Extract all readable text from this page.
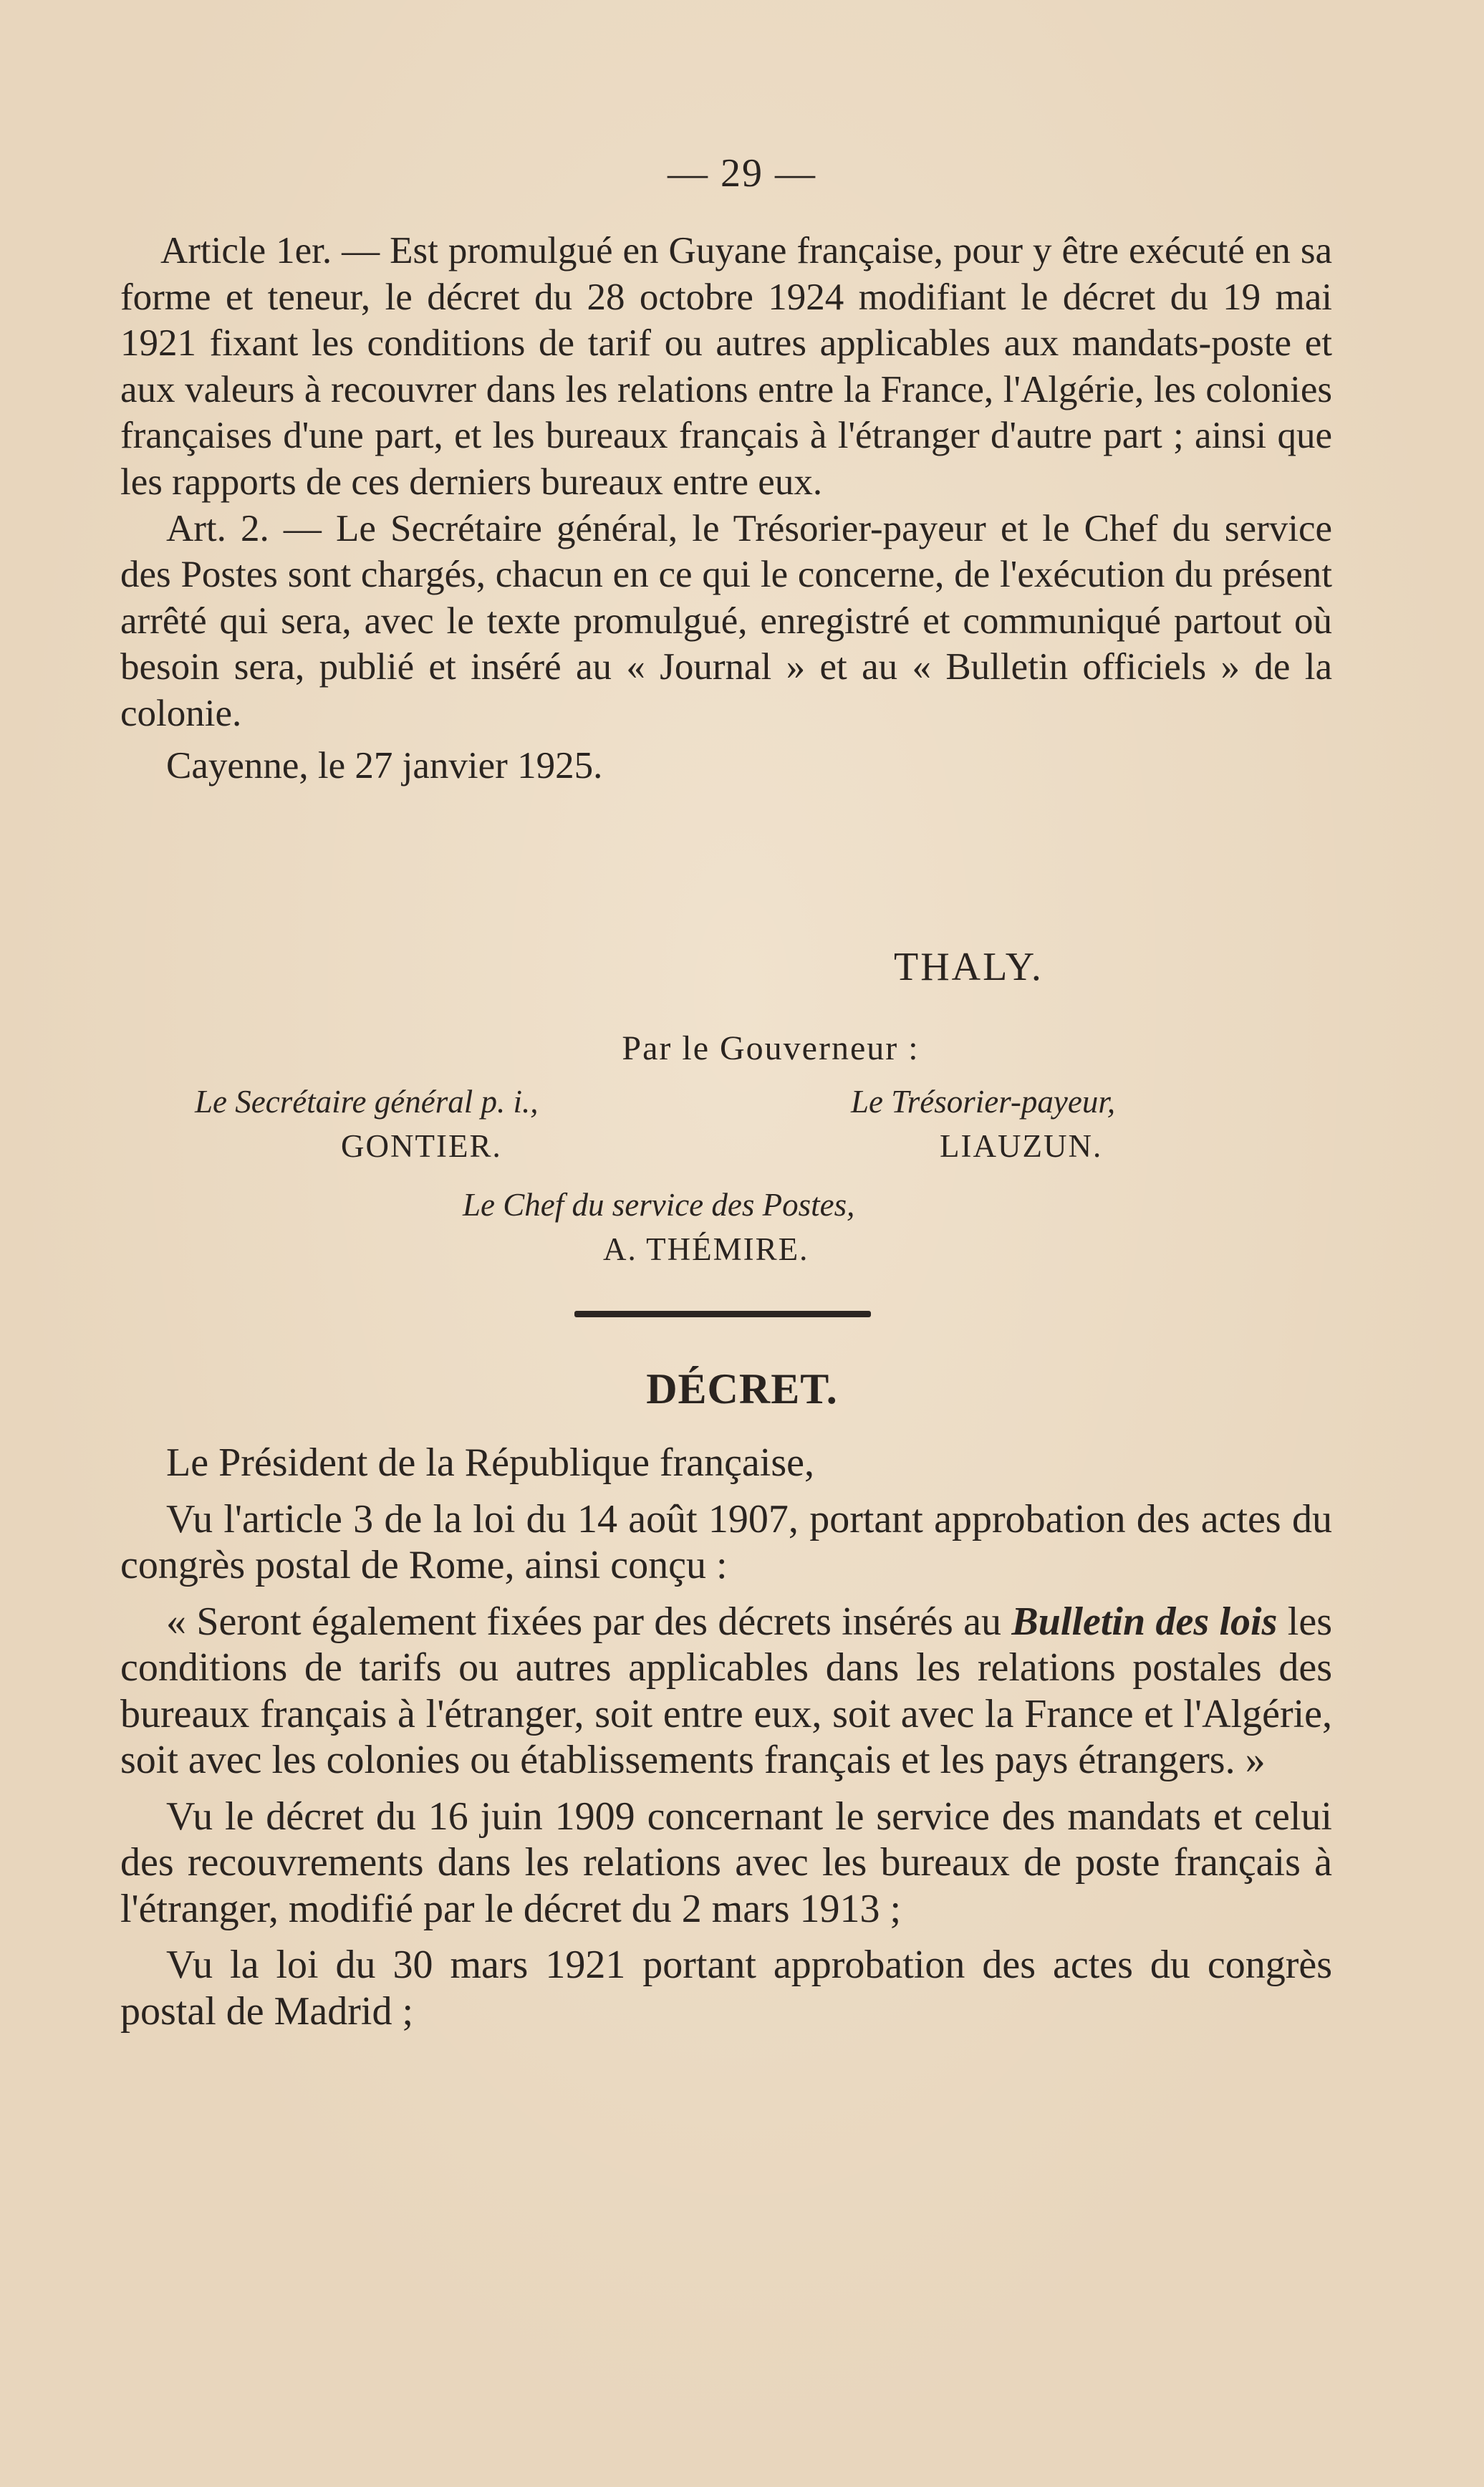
— 29 —

Article 1er. — Est promulgué en Guyane française, pour y être exécuté en sa forme et teneur, le décret du 28 octobre 1924 modifiant le décret du 19 mai 1921 fixant les conditions de tarif ou autres applicables aux mandats-poste et aux valeurs à recouvrer dans les relations entre la France, l'Algérie, les colonies françaises d'une part, et les bureaux français à l'étranger d'autre part ; ainsi que les rapports de ces derniers bureaux entre eux.

Art. 2. — Le Secrétaire général, le Trésorier-payeur et le Chef du service des Postes sont chargés, chacun en ce qui le concerne, de l'exécution du présent arrêté qui sera, avec le texte promulgué, enregistré et communiqué partout où besoin sera, publié et inséré au « Journal » et au « Bulletin officiels » de la colonie.

Cayenne, le 27 janvier 1925.

THALY.
Par le Gouverneur :
Le Secrétaire général p. i.,
GONTIER.
Le Trésorier-payeur,
LIAUZUN.
Le Chef du service des Postes,
A. THÉMIRE.
DÉCRET.

Le Président de la République française,

Vu l'article 3 de la loi du 14 août 1907, portant approbation des actes du congrès postal de Rome, ainsi conçu :

« Seront également fixées par des décrets insérés au Bulletin des lois les conditions de tarifs ou autres applicables dans les relations postales des bureaux français à l'étranger, soit entre eux, soit avec la France et l'Algérie, soit avec les colonies ou établissements français et les pays étrangers. »

Vu le décret du 16 juin 1909 concernant le service des mandats et celui des recouvrements dans les relations avec les bureaux de poste français à l'étranger, modifié par le décret du 2 mars 1913 ;

Vu la loi du 30 mars 1921 portant approbation des actes du congrès postal de Madrid ;
